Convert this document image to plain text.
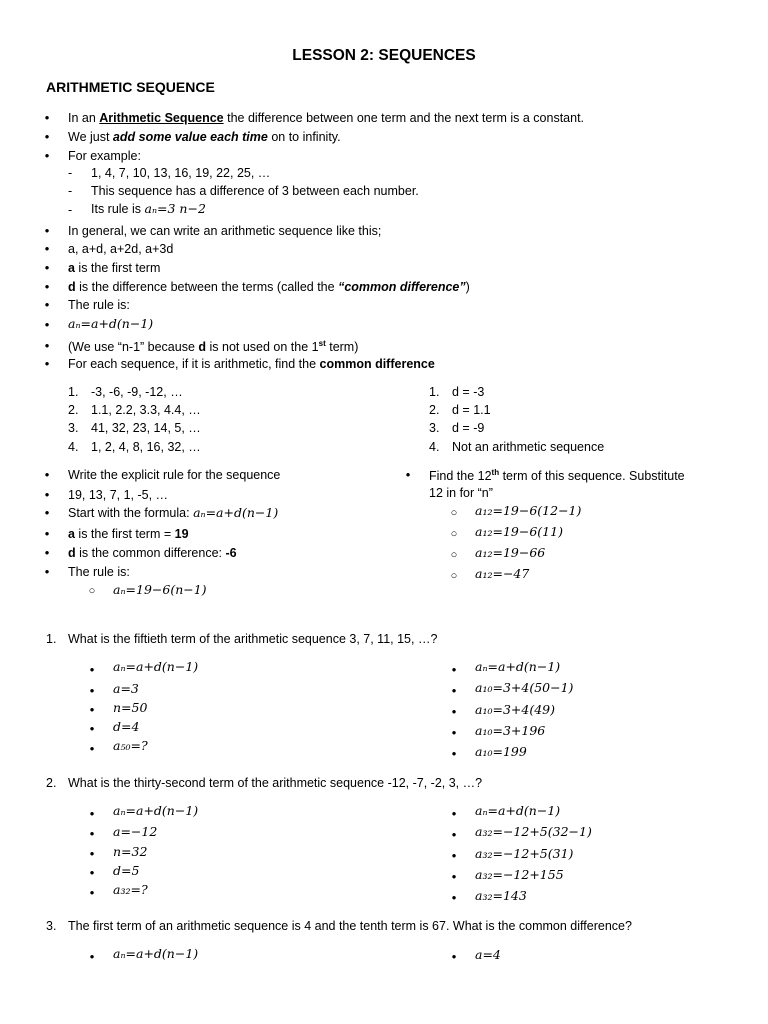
LESSON 2: SEQUENCES
ARITHMETIC SEQUENCE
•
In an Arithmetic Sequence the difference between one term and the next term is a constant.
•
We just add some value each time on to infinity.
•
For example:
- 1, 4, 7, 10, 13, 16, 19, 22, 25, …
- This sequence has a difference of 3 between each number.
- Its rule is aₙ=3 n−2
•
In general, we can write an arithmetic sequence like this;
•
a, a+d, a+2d, a+3d
•
a is the first term
•
d is the difference between the terms (called the “common difference”)
•
The rule is:
•
aₙ=a+d(n−1)
•
(We use “n-1” because d is not used on the 1st term)
•
For each sequence, if it is arithmetic, find the common difference
1. -3, -6, -9, -12, …	1. d = -3
2. 1.1, 2.2, 3.3, 4.4, …	2. d = 1.1
3. 41, 32, 23, 14, 5, …	3. d = -9
4. 1, 2, 4, 8, 16, 32, …	4. Not an arithmetic sequence
•
Write the explicit rule for the sequence
•
19, 13, 7, 1, -5, …
•
Start with the formula: aₙ=a+d(n−1)
•
a is the first term = 19
•
d is the common difference: -6
•
The rule is:
○
aₙ=19−6(n−1)
•
Find the 12th term of this sequence. Substitute
12 in for “n”
○
a₁₂=19−6(12−1)
○
a₁₂=19−6(11)
○
a₁₂=19−66
○
a₁₂=−47
1. What is the fiftieth term of the arithmetic sequence 3, 7, 11, 15, …?
•
aₙ=a+d(n−1)
•
a=3
•
n=50
•
d=4
•
a₅₀=?
•
aₙ=a+d(n−1)
•
a₁₀=3+4(50−1)
•
a₁₀=3+4(49)
•
a₁₀=3+196
•
a₁₀=199
2. What is the thirty-second term of the arithmetic sequence -12, -7, -2, 3, …?
•
aₙ=a+d(n−1)
•
a=−12
•
n=32
•
d=5
•
a₃₂=?
•
aₙ=a+d(n−1)
•
a₃₂=−12+5(32−1)
•
a₃₂=−12+5(31)
•
a₃₂=−12+155
•
a₃₂=143
3. The first term of an arithmetic sequence is 4 and the tenth term is 67. What is the common difference?
•
aₙ=a+d(n−1)
•	a=4
